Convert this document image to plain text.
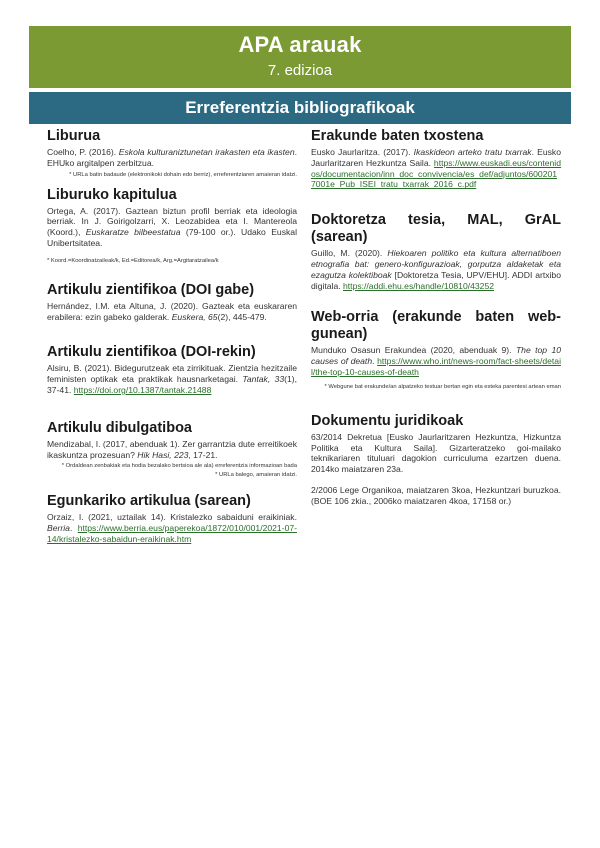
APA arauak
7. edizioa
Erreferentzia bibliografikoak
Liburua

Coelho, P. (2016). Eskola kulturaniztunetan irakasten eta ikasten. EHUko argitalpen zerbitzua.

* URLa batin badaude (elektronikoki dohain edo berriz), erreferentziaren amaieran idatzi.

Liburuko kapitulua

Ortega, A. (2017). Gaztean biztun profil berriak eta ideologia berriak. In J. Goirigolzarri, X. Leozabidea eta I. Mantereola (Koord.), Euskaratze bilbeestatua (79-100 or.). Udako Euskal Unibertsitatea.

* Koord.=Koordinatzaileak/k, Ed.=Editorea/k, Arg.=Argitaratzailea/k

Artikulu zientifikoa (DOI gabe)

Hernández, I.M. eta Altuna, J. (2020). Gazteak eta euskararen erabilera: ezin gabeko galderak. Euskera, 65(2), 445-479.

Artikulu zientifikoa (DOI-rekin)

Alsiru, B. (2021). Bidegurutzeak eta zirrikituak. Zientzia hezitzaile feministen optikak eta praktikak hausnarketagai. Tantak, 33(1), 37-41. https://doi.org/10.1387/tantak.21488

Artikulu dibulgatiboa

Mendizabal, I. (2017, abenduak 1). Zer garrantzia dute erreitikoek ikaskuntza prozesuan? Hik Hasi, 223, 17-21.

* Ordaldean zenbakiak eta hodia bezalako bertsioa ale ala) erreferentzia informazioan bada

* URLa balego, amaieran idatzi.

Egunkariko artikulua (sarean)

Orzaiz, I. (2021, uztailak 14). Kristalezko sabaiduni eraikiniak. Berria. https://www.berria.eus/paperekoa/1872/010/001/2021-07-14/kristalezko-sabaidun-eraikinak.htm

Erakunde baten txostena

Eusko Jaurlaritza. (2017). Ikaskideon arteko tratu txarrak. Eusko Jaurlaritzaren Hezkuntza Saila. https://www.euskadi.eus/contenidos/documentacion/inn_doc_convivencia/es_def/adjuntos/6002017001e_Pub_ISEI_tratu_txarrak_2016_c.pdf

Doktoretza tesia, MAL, GrAL (sarean)

Guillo, M. (2020). Hiekoaren politiko eta kultura alternatiboen etnografia bat: genero-konfigurazioak, gorputza aldaketak eta ezagutza kolektiboak [Doktoretza Tesia, UPV/EHU]. ADDI artxibo digitala. https://addi.ehu.es/handle/10810/43252

Web-orria (erakunde baten web-gunean)

Munduko Osasun Erakundea (2020, abenduak 9). The top 10 causes of death. https://www.who.int/news-room/fact-sheets/detail/the-top-10-causes-of-death

* Webgune bat erakunde/an alpatzeko testuar bertan egin eta esteka parentesi artean eman

Dokumentu juridikoak

63/2014 Dekretua [Eusko Jaurlaritzaren Hezkuntza, Hizkuntza Politika eta Kultura Saila]. Gizarteratzeko goi-mailako teknikariaren tituluari dagokion curriculuma ezartzen duena. 2014ko maiatzaren 23a.

2/2006 Lege Organikoa, maiatzaren 3koa, Hezkuntzari buruzkoa. (BOE 106 zkia., 2006ko maiatzaren 4koa, 17158 or.)
